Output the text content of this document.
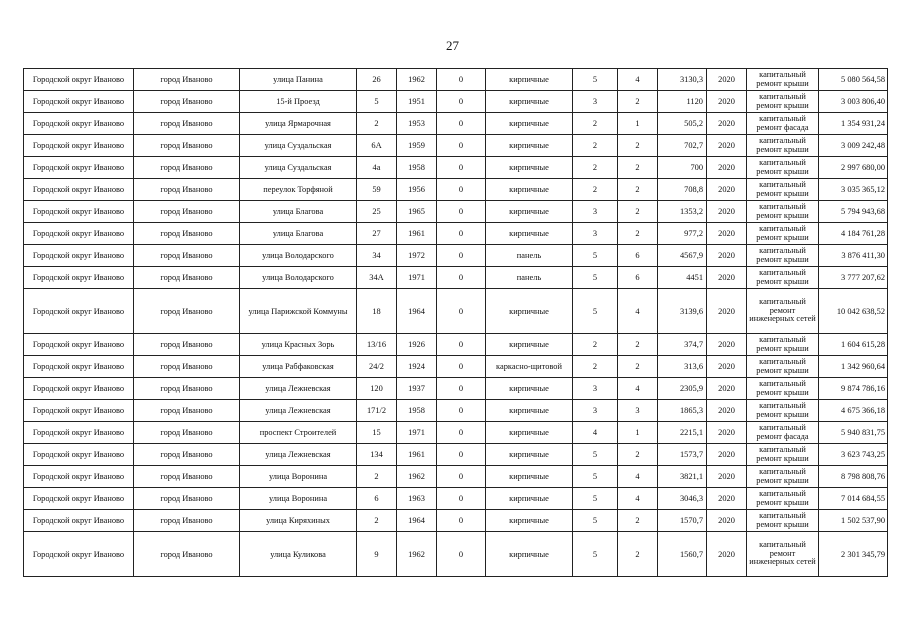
27
Городской округ Иваново	город Иваново	улица Панина	26	1962	0	кирпичные	5	4	3130,3	2020	капитальный ремонт крыши	5 080 564,58
Городской округ Иваново	город Иваново	15-й Проезд	5	1951	0	кирпичные	3	2	1120	2020	капитальный ремонт крыши	3 003 806,40
Городской округ Иваново	город Иваново	улица Ярмарочная	2	1953	0	кирпичные	2	1	505,2	2020	капитальный ремонт фасада	1 354 931,24
Городской округ Иваново	город Иваново	улица Суздальская	6А	1959	0	кирпичные	2	2	702,7	2020	капитальный ремонт крыши	3 009 242,48
Городской округ Иваново	город Иваново	улица Суздальская	4а	1958	0	кирпичные	2	2	700	2020	капитальный ремонт крыши	2 997 680,00
Городской округ Иваново	город Иваново	переулок Торфяной	59	1956	0	кирпичные	2	2	708,8	2020	капитальный ремонт крыши	3 035 365,12
Городской округ Иваново	город Иваново	улица Благова	25	1965	0	кирпичные	3	2	1353,2	2020	капитальный ремонт крыши	5 794 943,68
Городской округ Иваново	город Иваново	улица Благова	27	1961	0	кирпичные	3	2	977,2	2020	капитальный ремонт крыши	4 184 761,28
Городской округ Иваново	город Иваново	улица Володарского	34	1972	0	панель	5	6	4567,9	2020	капитальный ремонт крыши	3 876 411,30
Городской округ Иваново	город Иваново	улица Володарского	34А	1971	0	панель	5	6	4451	2020	капитальный ремонт крыши	3 777 207,62
Городской округ Иваново	город Иваново	улица Парижской Коммуны	18	1964	0	кирпичные	5	4	3139,6	2020	капитальный ремонт инженерных сетей	10 042 638,52
Городской округ Иваново	город Иваново	улица Красных Зорь	13/16	1926	0	кирпичные	2	2	374,7	2020	капитальный ремонт крыши	1 604 615,28
Городской округ Иваново	город Иваново	улица Рабфаковская	24/2	1924	0	каркасно-щитовой	2	2	313,6	2020	капитальный ремонт крыши	1 342 960,64
Городской округ Иваново	город Иваново	улица Лежневская	120	1937	0	кирпичные	3	4	2305,9	2020	капитальный ремонт крыши	9 874 786,16
Городской округ Иваново	город Иваново	улица Лежневская	171/2	1958	0	кирпичные	3	3	1865,3	2020	капитальный ремонт крыши	4 675 366,18
Городской округ Иваново	город Иваново	проспект Строителей	15	1971	0	кирпичные	4	1	2215,1	2020	капитальный ремонт фасада	5 940 831,75
Городской округ Иваново	город Иваново	улица Лежневская	134	1961	0	кирпичные	5	2	1573,7	2020	капитальный ремонт крыши	3 623 743,25
Городской округ Иваново	город Иваново	улица Воронина	2	1962	0	кирпичные	5	4	3821,1	2020	капитальный ремонт крыши	8 798 808,76
Городской округ Иваново	город Иваново	улица Воронина	6	1963	0	кирпичные	5	4	3046,3	2020	капитальный ремонт крыши	7 014 684,55
Городской округ Иваново	город Иваново	улица Киряхиных	2	1964	0	кирпичные	5	2	1570,7	2020	капитальный ремонт крыши	1 502 537,90
Городской округ Иваново	город Иваново	улица Куликова	9	1962	0	кирпичные	5	2	1560,7	2020	капитальный ремонт инженерных сетей	2 301 345,79
